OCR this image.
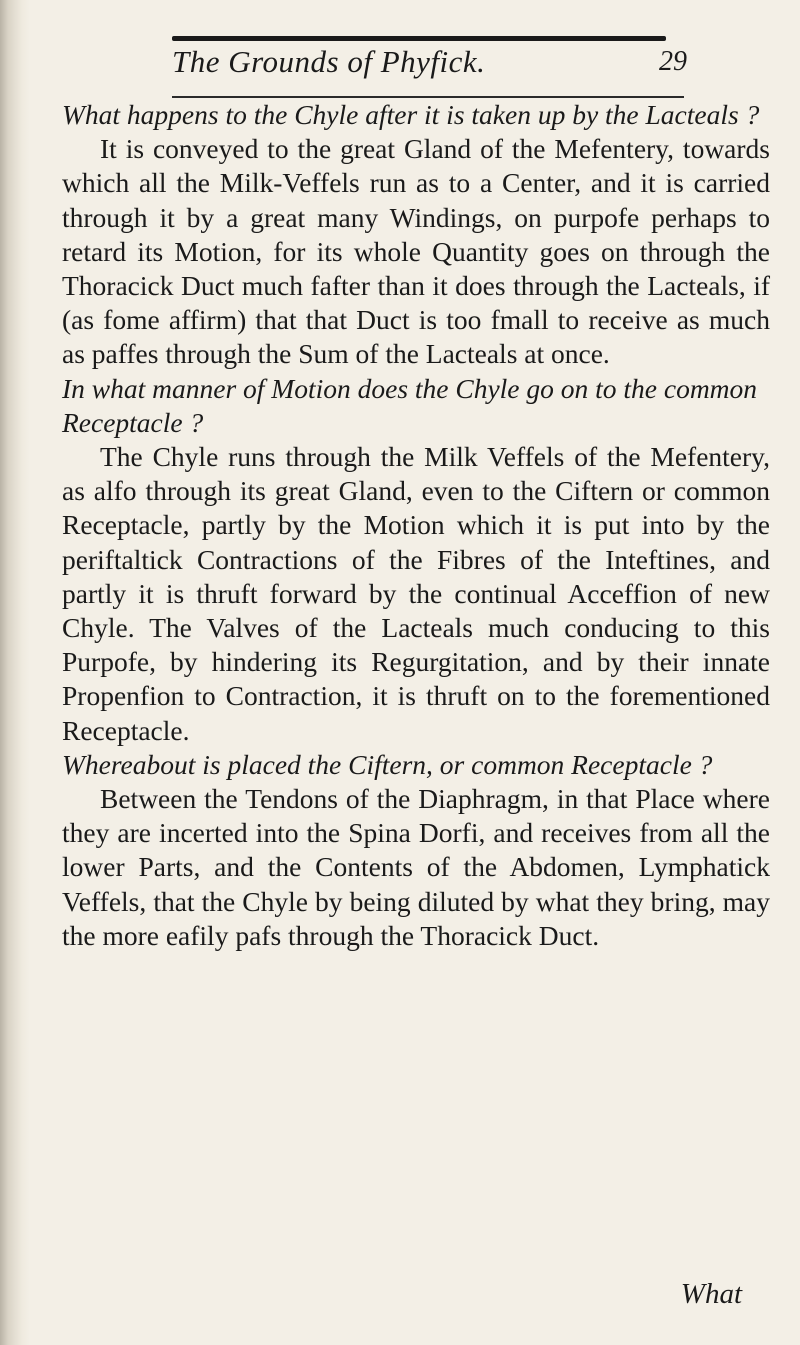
The Grounds of Phyfick.	29

What happens to the Chyle after it is taken up by the Lacteals ?

It is conveyed to the great Gland of the Mefentery, towards which all the Milk-Veffels run as to a Center, and it is carried through it by a great many Windings, on purpofe perhaps to retard its Motion, for its whole Quantity goes on through the Thoracick Duct much fafter than it does through the Lacteals, if (as fome affirm) that that Duct is too fmall to receive as much as paffes through the Sum of the Lacteals at once.

In what manner of Motion does the Chyle go on to the common Receptacle ?

The Chyle runs through the Milk Veffels of the Mefentery, as alfo through its great Gland, even to the Ciftern or common Receptacle, partly by the Motion which it is put into by the periftaltick Contractions of the Fibres of the Inteftines, and partly it is thruft forward by the continual Acceffion of new Chyle. The Valves of the Lacteals much conducing to this Purpofe, by hindering its Regurgitation, and by their innate Propenfion to Contraction, it is thruft on to the forementioned Receptacle.

Whereabout is placed the Ciftern, or common Receptacle ?

Between the Tendons of the Diaphragm, in that Place where they are incerted into the Spina Dorfi, and receives from all the lower Parts, and the Contents of the Abdomen, Lymphatick Veffels, that the Chyle by being diluted by what they bring, may the more eafily pafs through the Thoracick Duct.

What
